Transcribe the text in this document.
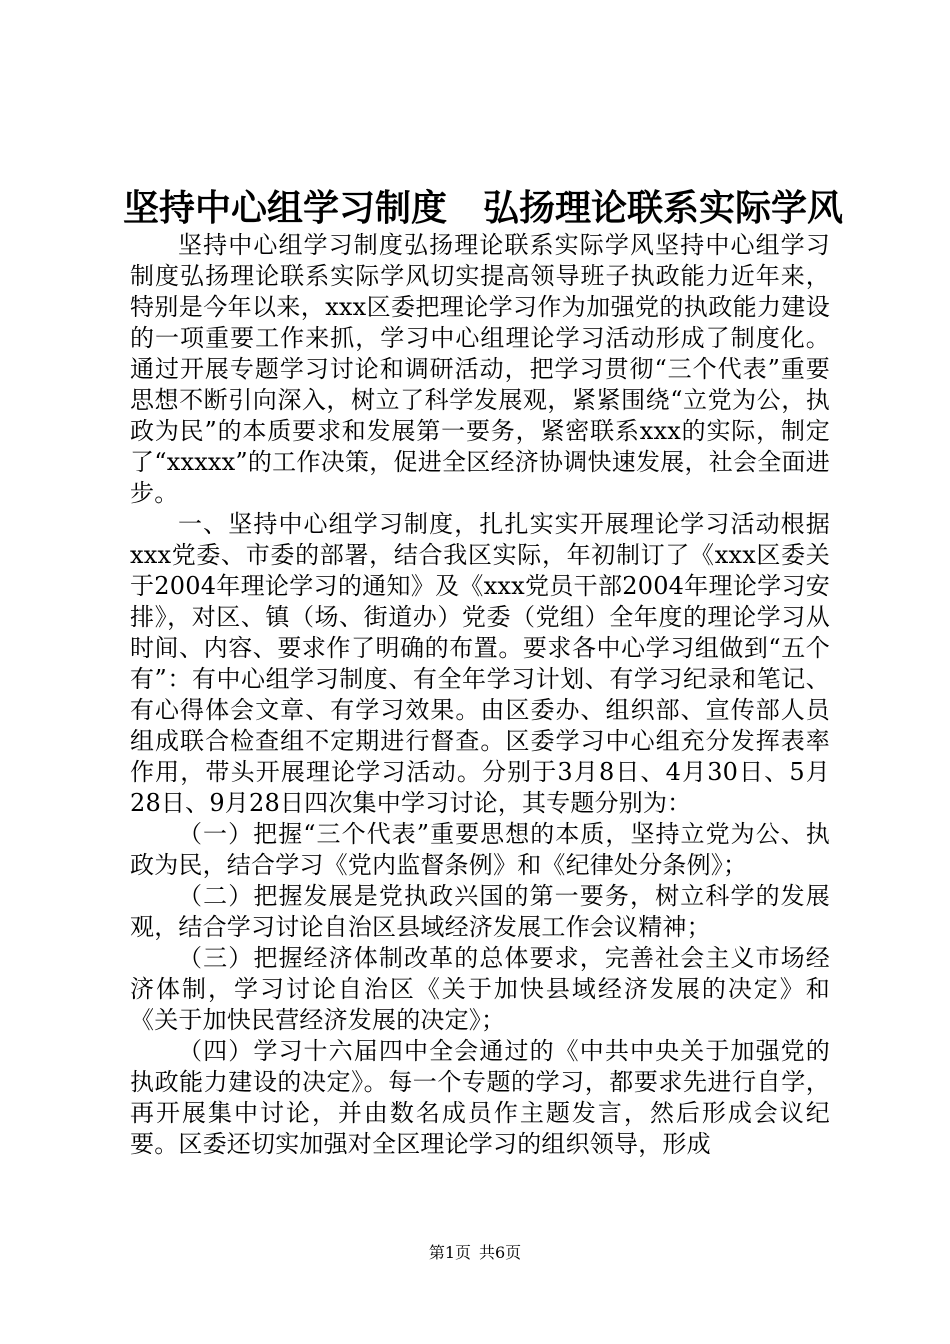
坚持中心组学习制度 弘扬理论联系实际学风

坚持中心组学习制度弘扬理论联系实际学风坚持中心组学习制度弘扬理论联系实际学风切实提高领导班子执政能力近年来，特别是今年以来，xxx区委把理论学习作为加强党的执政能力建设的一项重要工作来抓，学习中心组理论学习活动形成了制度化。通过开展专题学习讨论和调研活动，把学习贯彻“三个代表”重要思想不断引向深入，树立了科学发展观，紧紧围绕“立党为公，执政为民”的本质要求和发展第一要务，紧密联系xxx的实际，制定了“xxxxx”的工作决策，促进全区经济协调快速发展，社会全面进步。

一、坚持中心组学习制度，扎扎实实开展理论学习活动根据xxx党委、市委的部署，结合我区实际，年初制订了《xxx区委关于2004年理论学习的通知》及《xxx党员干部2004年理论学习安排》，对区、镇（场、街道办）党委（党组）全年度的理论学习从时间、内容、要求作了明确的布置。要求各中心学习组做到“五个有”：有中心组学习制度、有全年学习计划、有学习纪录和笔记、有心得体会文章、有学习效果。由区委办、组织部、宣传部人员组成联合检查组不定期进行督查。区委学习中心组充分发挥表率作用，带头开展理论学习活动。分别于3月8日、4月30日、5月28日、9月28日四次集中学习讨论，其专题分别为：

（一）把握“三个代表”重要思想的本质，坚持立党为公、执政为民，结合学习《党内监督条例》和《纪律处分条例》；

（二）把握发展是党执政兴国的第一要务，树立科学的发展观，结合学习讨论自治区县域经济发展工作会议精神；

（三）把握经济体制改革的总体要求，完善社会主义市场经济体制，学习讨论自治区《关于加快县域经济发展的决定》和《关于加快民营经济发展的决定》；

（四）学习十六届四中全会通过的《中共中央关于加强党的执政能力建设的决定》。每一个专题的学习，都要求先进行自学，再开展集中讨论，并由数名成员作主题发言，然后形成会议纪要。区委还切实加强对全区理论学习的组织领导，形成

第1页 共6页
